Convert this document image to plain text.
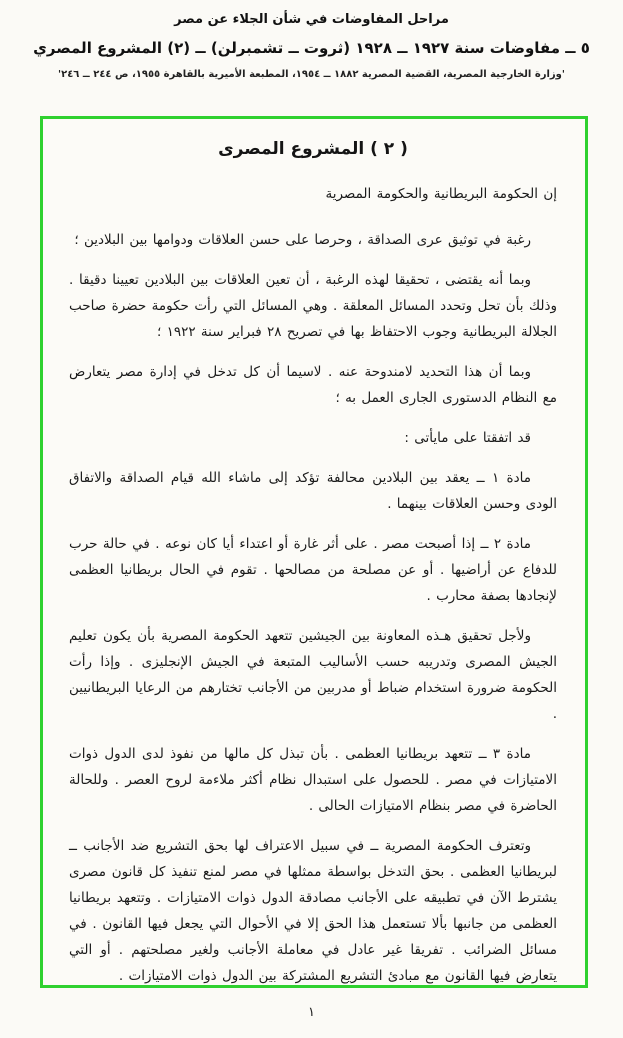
مراحل المفاوضات في شأن الجلاء عن مصر
٥ ــ مفاوضات سنة ١٩٢٧ ــ ١٩٢٨ (ثروت ــ تشمبرلن) ــ (٢) المشروع المصري
'وزارة الخارجية المصرية، القضية المصرية ١٨٨٢ ــ ١٩٥٤، المطبعة الأميرية بالقاهرة ١٩٥٥، ص ٢٤٤ ــ ٢٤٦'
( ٢ ) المشروع المصرى

إن الحكومة البريطانية والحكومة المصرية

رغبة في توثيق عرى الصداقة ، وحرصا على حسن العلاقات ودوامها بين البلادين ؛

وبما أنه يقتضى ، تحقيقا لهذه الرغبة ، أن تعين العلاقات بين البلادين تعيينا دقيقا . وذلك بأن تحل وتحدد المسائل المعلقة . وهي المسائل التي رأت حكومة حضرة صاحب الجلالة البريطانية وجوب الاحتفاظ بها في تصريح ٢٨ فبراير سنة ١٩٢٢ ؛

وبما أن هذا التحديد لامندوحة عنه . لاسيما أن كل تدخل في إدارة مصر يتعارض مع النظام الدستورى الجارى العمل به ؛

قد اتفقتا على مايأتى :

مادة ١ ــ يعقد بين البلادين محالفة تؤكد إلى ماشاء الله قيام الصداقة والاتفاق الودى وحسن العلاقات بينهما .

مادة ٢ ــ إذا أصبحت مصر . على أثر غارة أو اعتداء أيا كان نوعه . في حالة حرب للدفاع عن أراضيها . أو عن مصلحة من مصالحها . تقوم في الحال بريطانيا العظمى لإنجادها بصفة محارب .

ولأجل تحقيق هـذه المعاونة بين الجيشين تتعهد الحكومة المصرية بأن يكون تعليم الجيش المصرى وتدريبه حسب الأساليب المتبعة في الجيش الإنجليزى . وإذا رأت الحكومة ضرورة استخدام ضباط أو مدربين من الأجانب تختارهم من الرعايا البريطانيين .

مادة ٣ ــ تتعهد بريطانيا العظمى . بأن تبذل كل مالها من نفوذ لدى الدول ذوات الامتيازات في مصر . للحصول على استبدال نظام أكثر ملاءمة لروح العصر . وللحالة الحاضرة في مصر بنظام الامتيازات الحالى .

وتعترف الحكومة المصرية ــ في سبيل الاعتراف لها بحق التشريع ضد الأجانب ــ لبريطانيا العظمى . بحق التدخل بواسطة ممثلها في مصر لمنع تنفيذ كل قانون مصرى يشترط الآن في تطبيقه على الأجانب مصادقة الدول ذوات الامتيازات . وتتعهد بريطانيا العظمى من جانبها بألا تستعمل هذا الحق إلا في الأحوال التي يجعل فيها القانون . في مسائل الضرائب . تفريقا غير عادل في معاملة الأجانب ولغير مصلحتهم . أو التي يتعارض فيها القانون مع مبادئ التشريع المشتركة بين الدول ذوات الامتيازات .

١
